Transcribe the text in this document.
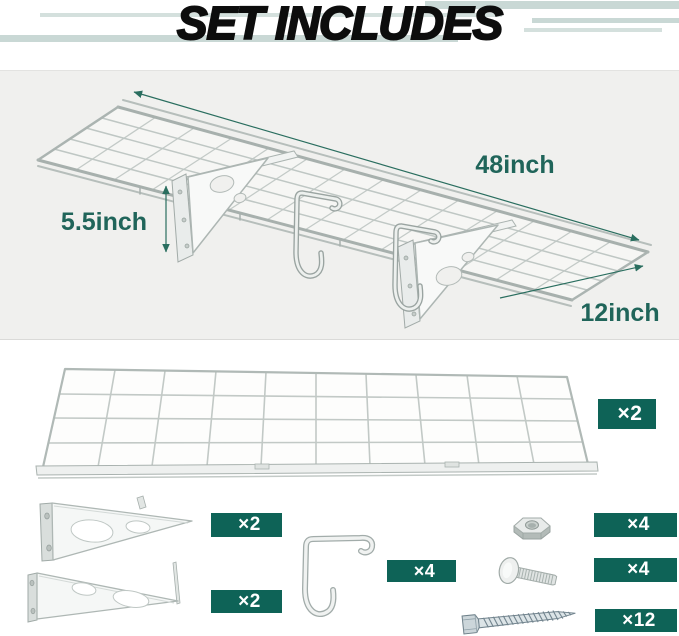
SET INCLUDES
48inch
5.5inch
12inch
×2
×2
×2
×4
×4
×4
×12
